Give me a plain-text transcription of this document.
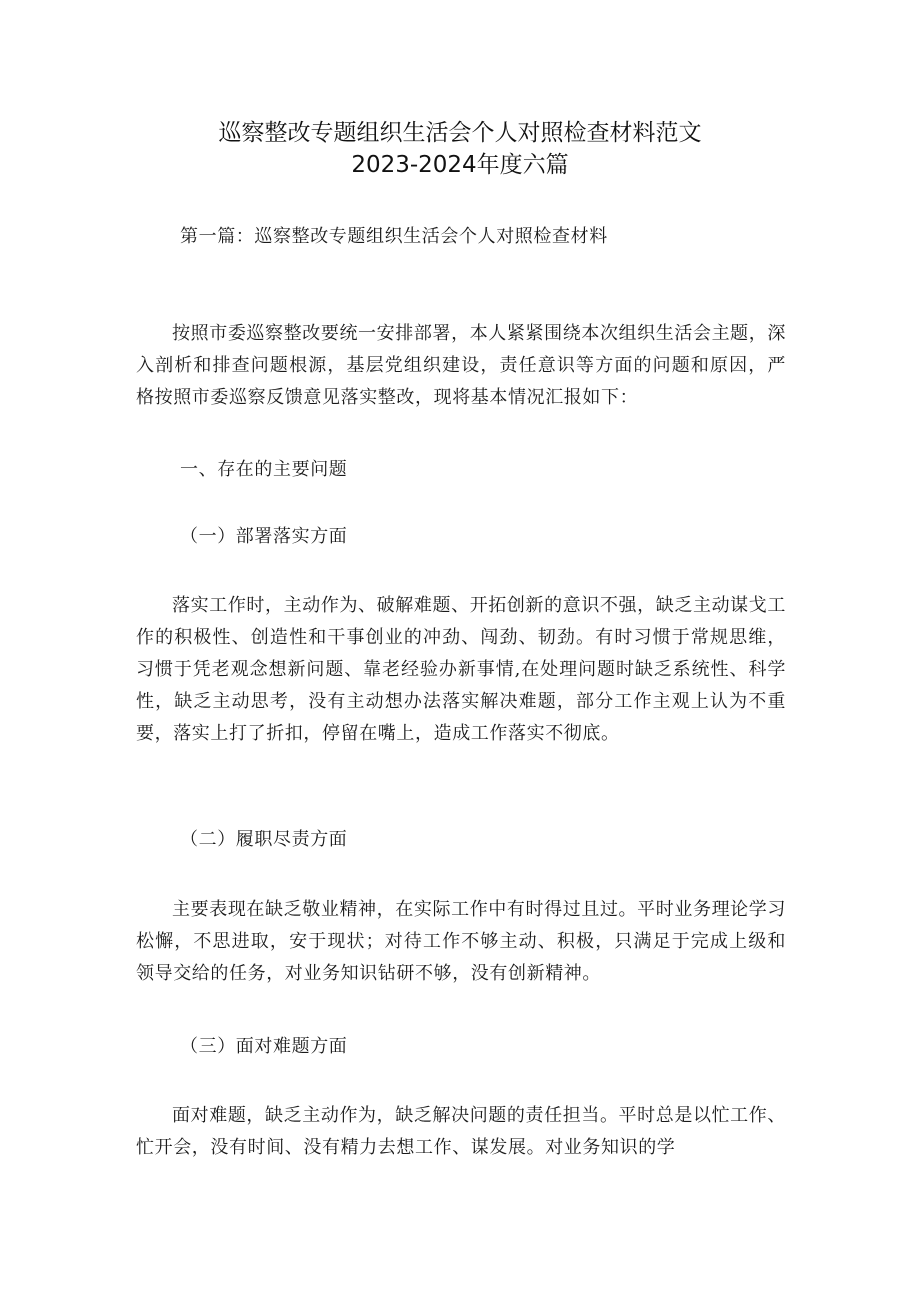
巡察整改专题组织生活会个人对照检查材料范文
2023-2024年度六篇
第一篇：巡察整改专题组织生活会个人对照检查材料
按照市委巡察整改要统一安排部署，本人紧紧围绕本次组织生活会主题，深入剖析和排查问题根源，基层党组织建设，责任意识等方面的问题和原因，严格按照市委巡察反馈意见落实整改，现将基本情况汇报如下：
一、存在的主要问题
（一）部署落实方面
落实工作时，主动作为、破解难题、开拓创新的意识不强，缺乏主动谋戈工作的积极性、创造性和干事创业的冲劲、闯劲、韧劲。有时习惯于常规思维，习惯于凭老观念想新问题、靠老经验办新事情,在处理问题时缺乏系统性、科学性，缺乏主动思考，没有主动想办法落实解决难题，部分工作主观上认为不重要，落实上打了折扣，停留在嘴上，造成工作落实不彻底。
（二）履职尽责方面
主要表现在缺乏敬业精神，在实际工作中有时得过且过。平时业务理论学习松懈，不思进取，安于现状；对待工作不够主动、积极，只满足于完成上级和领导交给的任务，对业务知识钻研不够，没有创新精神。
（三）面对难题方面
面对难题，缺乏主动作为，缺乏解决问题的责任担当。平时总是以忙工作、忙开会，没有时间、没有精力去想工作、谋发展。对业务知识的学
